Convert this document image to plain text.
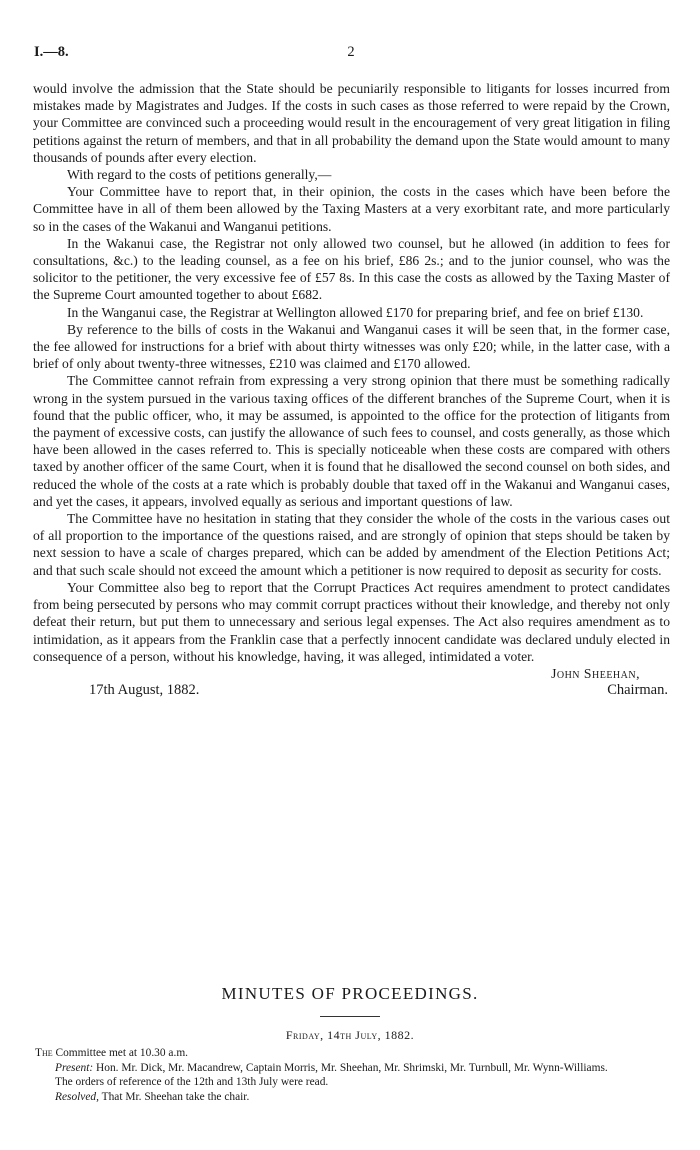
I.—8.	2

would involve the admission that the State should be pecuniarily responsible to litigants for losses incurred from mistakes made by Magistrates and Judges. If the costs in such cases as those referred to were repaid by the Crown, your Committee are convinced such a proceeding would result in the encouragement of very great litigation in filing petitions against the return of members, and that in all probability the demand upon the State would amount to many thousands of pounds after every election.

With regard to the costs of petitions generally,—

Your Committee have to report that, in their opinion, the costs in the cases which have been before the Committee have in all of them been allowed by the Taxing Masters at a very exorbitant rate, and more particularly so in the cases of the Wakanui and Wanganui petitions.

In the Wakanui case, the Registrar not only allowed two counsel, but he allowed (in addition to fees for consultations, &c.) to the leading counsel, as a fee on his brief, £86 2s.; and to the junior counsel, who was the solicitor to the petitioner, the very excessive fee of £57 8s. In this case the costs as allowed by the Taxing Master of the Supreme Court amounted together to about £682.

In the Wanganui case, the Registrar at Wellington allowed £170 for preparing brief, and fee on brief £130.

By reference to the bills of costs in the Wakanui and Wanganui cases it will be seen that, in the former case, the fee allowed for instructions for a brief with about thirty witnesses was only £20; while, in the latter case, with a brief of only about twenty-three witnesses, £210 was claimed and £170 allowed.

The Committee cannot refrain from expressing a very strong opinion that there must be something radically wrong in the system pursued in the various taxing offices of the different branches of the Supreme Court, when it is found that the public officer, who, it may be assumed, is appointed to the office for the protection of litigants from the payment of excessive costs, can justify the allowance of such fees to counsel, and costs generally, as those which have been allowed in the cases referred to. This is specially noticeable when these costs are compared with others taxed by another officer of the same Court, when it is found that he disallowed the second counsel on both sides, and reduced the whole of the costs at a rate which is probably double that taxed off in the Wakanui and Wanganui cases, and yet the cases, it appears, involved equally as serious and important questions of law.

The Committee have no hesitation in stating that they consider the whole of the costs in the various cases out of all proportion to the importance of the questions raised, and are strongly of opinion that steps should be taken by next session to have a scale of charges prepared, which can be added by amendment of the Election Petitions Act; and that such scale should not exceed the amount which a petitioner is now required to deposit as security for costs.

Your Committee also beg to report that the Corrupt Practices Act requires amendment to protect candidates from being persecuted by persons who may commit corrupt practices without their knowledge, and thereby not only defeat their return, but put them to unnecessary and serious legal expenses. The Act also requires amendment as to intimidation, as it appears from the Franklin case that a perfectly innocent candidate was declared unduly elected in consequence of a person, without his knowledge, having, it was alleged, intimidated a voter.

John Sheehan,
17th August, 1882.	Chairman.
MINUTES OF PROCEEDINGS.
Friday, 14th July, 1882.

The Committee met at 10.30 a.m.

Present: Hon. Mr. Dick, Mr. Macandrew, Captain Morris, Mr. Sheehan, Mr. Shrimski, Mr. Turnbull, Mr. Wynn-Williams.

The orders of reference of the 12th and 13th July were read.

Resolved, That Mr. Sheehan take the chair.
